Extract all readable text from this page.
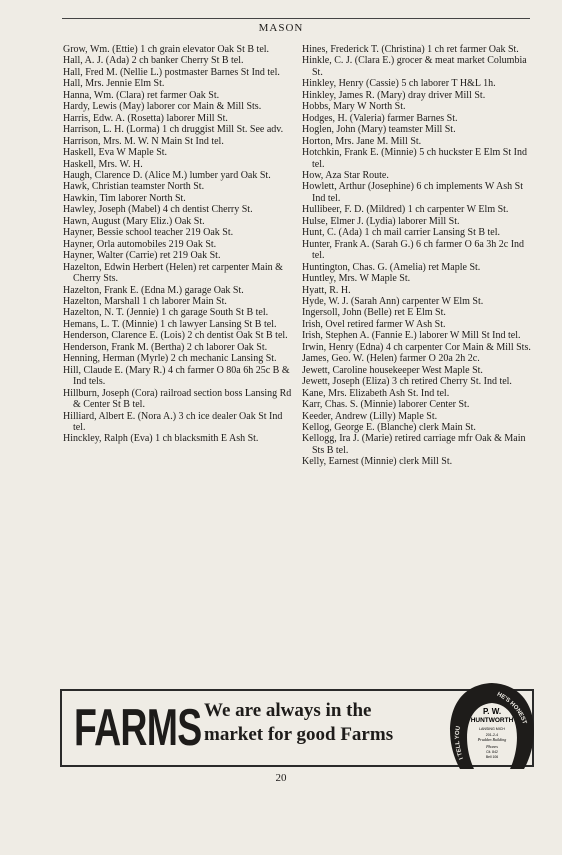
MASON

Grow, Wm. (Ettie) 1 ch grain elevator Oak St B tel.

Hall, A. J. (Ada) 2 ch banker Cherry St B tel.

Hall, Fred M. (Nellie L.) postmaster Barnes St Ind tel.

Hall, Mrs. Jennie Elm St.

Hanna, Wm. (Clara) ret farmer Oak St.

Hardy, Lewis (May) laborer cor Main & Mill Sts.

Harris, Edw. A. (Rosetta) laborer Mill St.

Harrison, L. H. (Lorma) 1 ch druggist Mill St. See adv.

Harrison, Mrs. M. W. N Main St Ind tel.

Haskell, Eva W Maple St.

Haskell, Mrs. W. H.

Haugh, Clarence D. (Alice M.) lumber yard Oak St.

Hawk, Christian teamster North St.

Hawkin, Tim laborer North St.

Hawley, Joseph (Mabel) 4 ch dentist Cherry St.

Hawn, August (Mary Eliz.) Oak St.

Hayner, Bessie school teacher 219 Oak St.

Hayner, Orla automobiles 219 Oak St.

Hayner, Walter (Carrie) ret 219 Oak St.

Hazelton, Edwin Herbert (Helen) ret carpenter Main & Cherry Sts.

Hazelton, Frank E. (Edna M.) garage Oak St.

Hazelton, Marshall 1 ch laborer Main St.

Hazelton, N. T. (Jennie) 1 ch garage South St B tel.

Hemans, L. T. (Minnie) 1 ch lawyer Lansing St B tel.

Henderson, Clarence E. (Lois) 2 ch dentist Oak St B tel.

Henderson, Frank M. (Bertha) 2 ch laborer Oak St.

Henning, Herman (Myrle) 2 ch mechanic Lansing St.

Hill, Claude E. (Mary R.) 4 ch farmer O 80a 6h 25c B & Ind tels.

Hillburn, Joseph (Cora) railroad section boss Lansing Rd & Center St B tel.

Hilliard, Albert E. (Nora A.) 3 ch ice dealer Oak St Ind tel.

Hinckley, Ralph (Eva) 1 ch blacksmith E Ash St.

Hines, Frederick T. (Christina) 1 ch ret farmer Oak St.

Hinkle, C. J. (Clara E.) grocer & meat market Columbia St.

Hinkley, Henry (Cassie) 5 ch laborer T H&L 1h.

Hinkley, James R. (Mary) dray driver Mill St.

Hobbs, Mary W North St.

Hodges, H. (Valeria) farmer Barnes St.

Hoglen, John (Mary) teamster Mill St.

Horton, Mrs. Jane M. Mill St.

Hotchkin, Frank E. (Minnie) 5 ch huckster E Elm St Ind tel.

How, Aza Star Route.

Howlett, Arthur (Josephine) 6 ch implements W Ash St Ind tel.

Hullibeer, F. D. (Mildred) 1 ch carpenter W Elm St.

Hulse, Elmer J. (Lydia) laborer Mill St.

Hunt, C. (Ada) 1 ch mail carrier Lansing St B tel.

Hunter, Frank A. (Sarah G.) 6 ch farmer O 6a 3h 2c Ind tel.

Huntington, Chas. G. (Amelia) ret Maple St.

Huntley, Mrs. W Maple St.

Hyatt, R. H.

Hyde, W. J. (Sarah Ann) carpenter W Elm St.

Ingersoll, John (Belle) ret E Elm St.

Irish, Ovel retired farmer W Ash St.

Irish, Stephen A. (Fannie E.) laborer W Mill St Ind tel.

Irwin, Henry (Edna) 4 ch carpenter Cor Main & Mill Sts.

James, Geo. W. (Helen) farmer O 20a 2h 2c.

Jewett, Caroline housekeeper West Maple St.

Jewett, Joseph (Eliza) 3 ch retired Cherry St. Ind tel.

Kane, Mrs. Elizabeth Ash St. Ind tel.

Karr, Chas. S. (Minnie) laborer Center St.

Keeder, Andrew (Lilly) Maple St.

Kellog, George E. (Blanche) clerk Main St.

Kellogg, Ira J. (Marie) retired carriage mfr Oak & Main Sts B tel.

Kelly, Earnest (Minnie) clerk Mill St.

FARMS We are always in the
market for good Farms
I TELL YOU
HE'S HONEST
P. W.
HUNTWORTH
LANSING MICH
201-2-4
Prudden Building
Phones
Cit. 842
Bell 106
20
